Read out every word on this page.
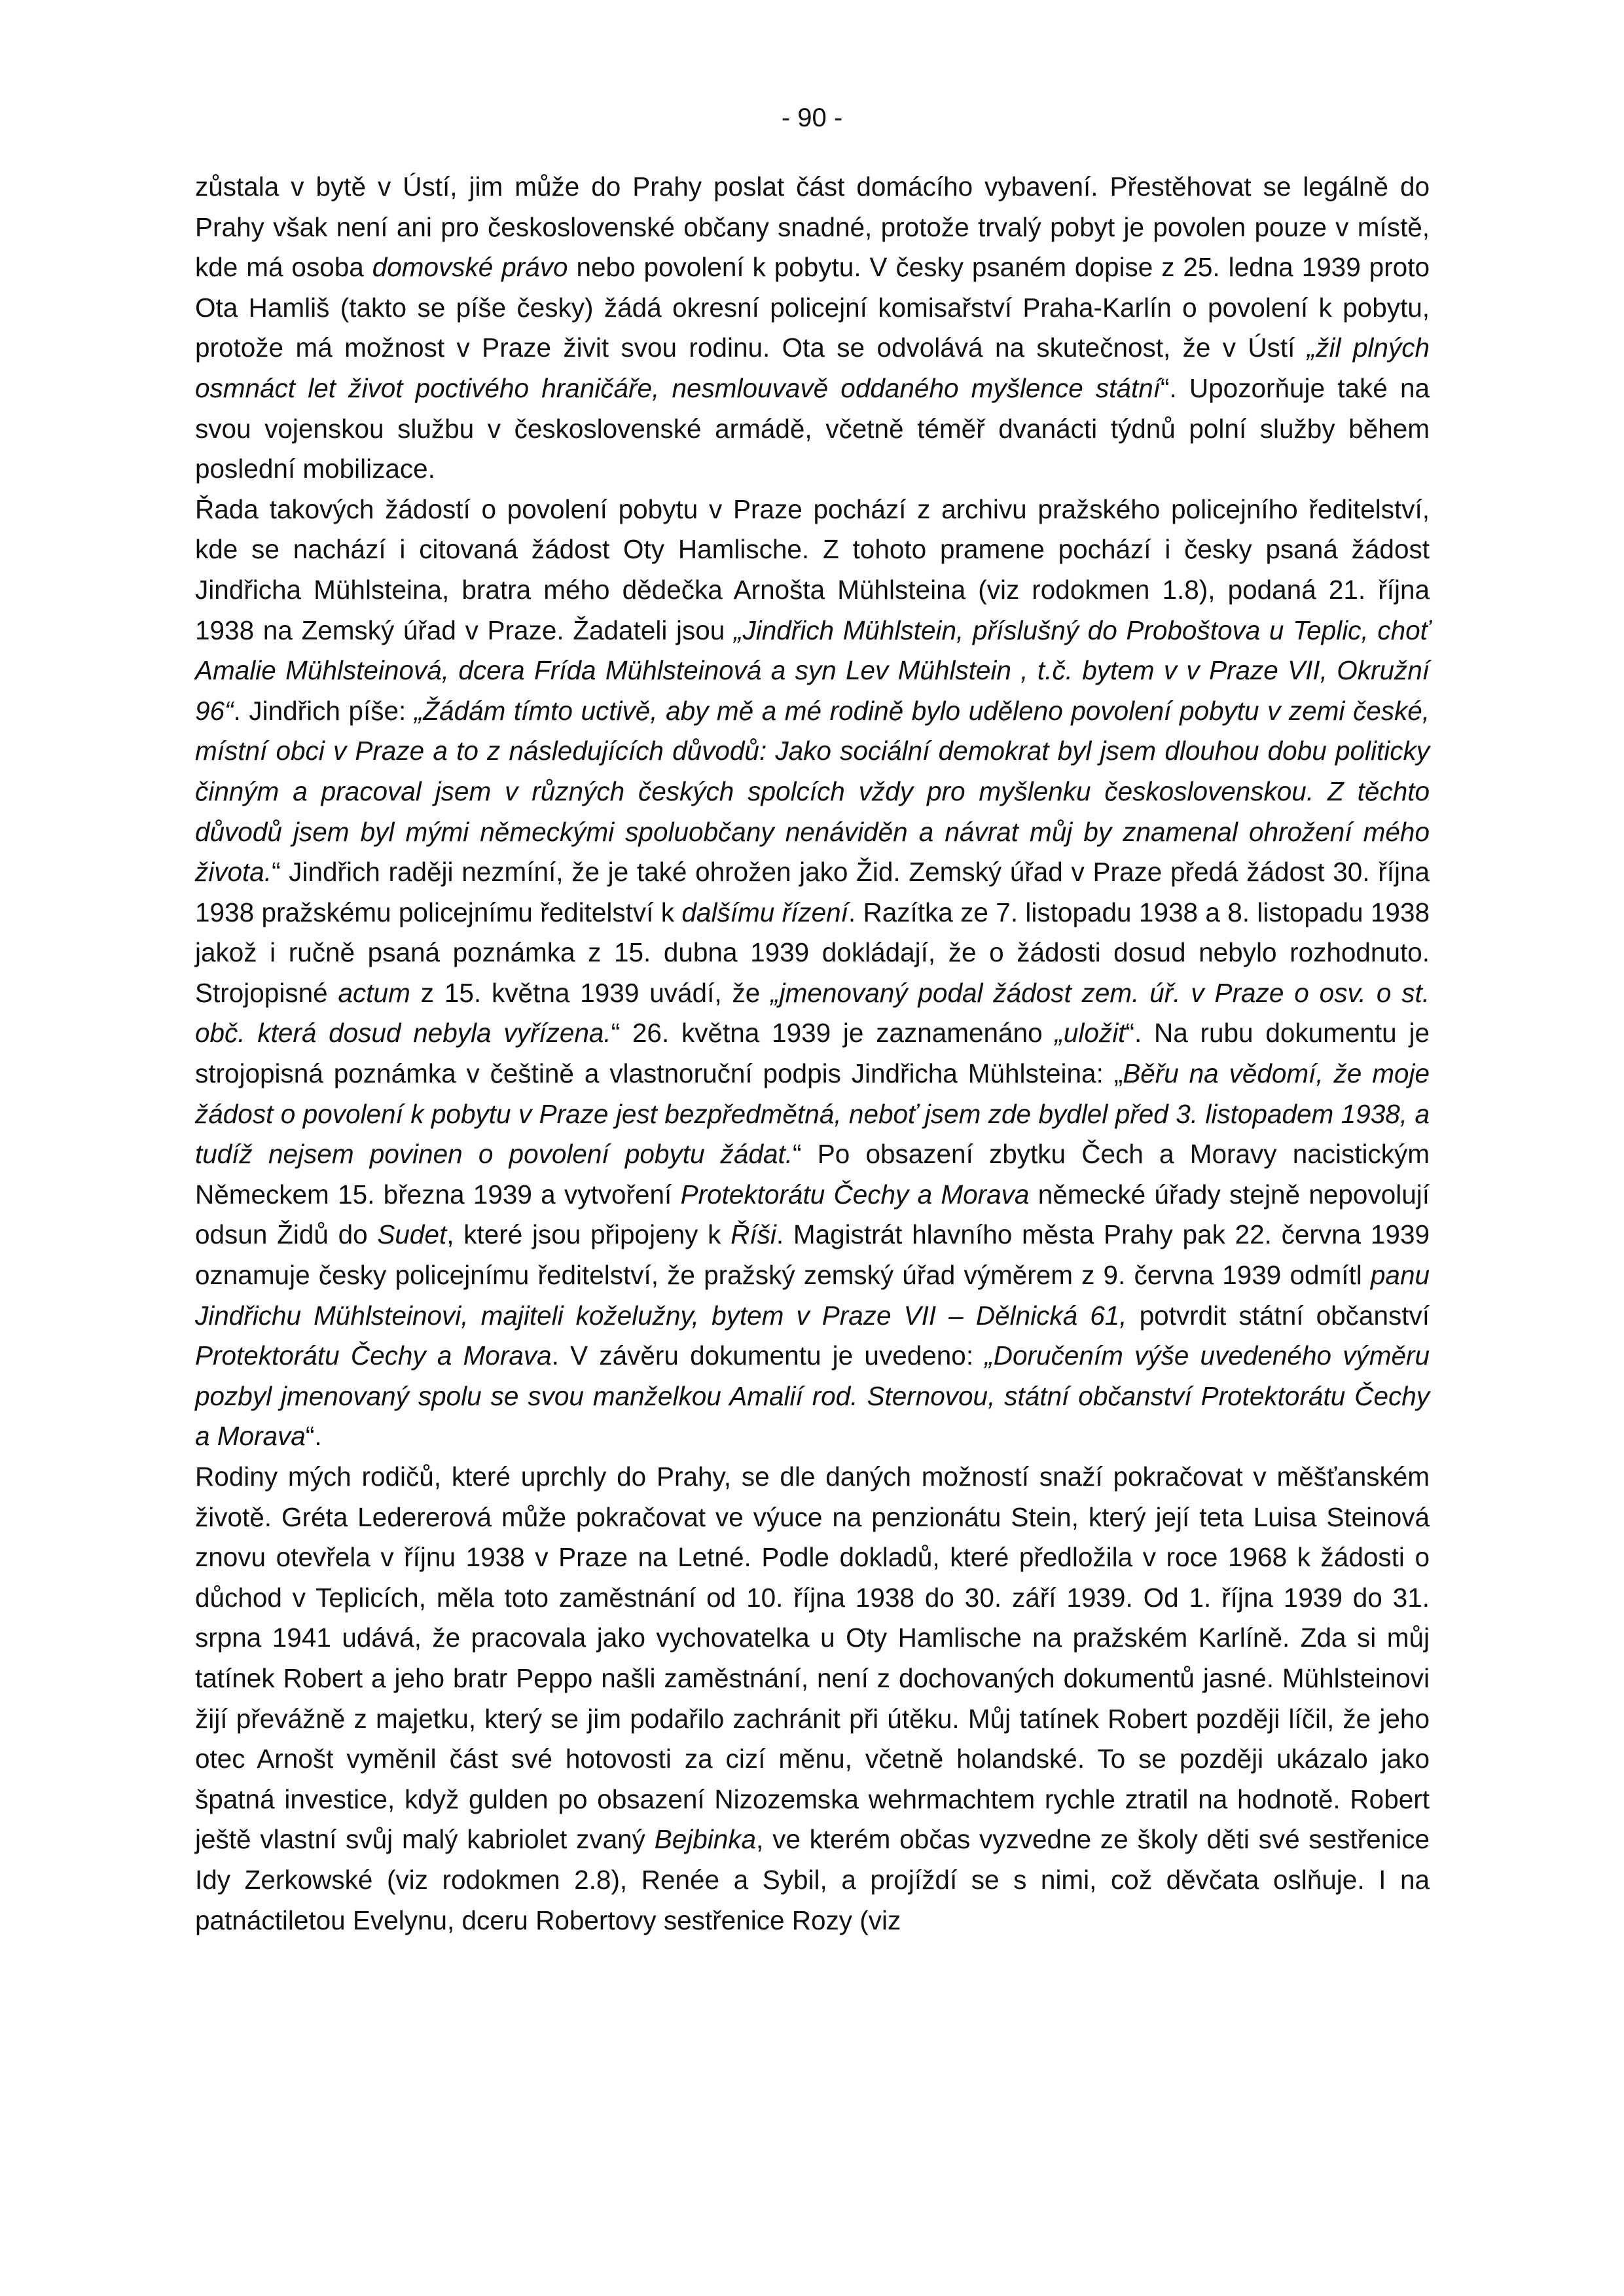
- 90 -

zůstala v bytě v Ústí, jim může do Prahy poslat část domácího vybavení. Přestěhovat se legálně do Prahy však není ani pro československé občany snadné, protože trvalý pobyt je povolen pouze v místě, kde má osoba domovské právo nebo povolení k pobytu. V česky psaném dopise z 25. ledna 1939 proto Ota Hamliš (takto se píše česky) žádá okresní policejní komisařství Praha-Karlín o povolení k pobytu, protože má možnost v Praze živit svou rodinu. Ota se odvolává na skutečnost, že v Ústí „žil plných osmnáct let život poctivého hraničáře, nesmlouvavě oddaného myšlence státní“. Upozorňuje také na svou vojenskou službu v československé armádě, včetně téměř dvanácti týdnů polní služby během poslední mobilizace.

Řada takových žádostí o povolení pobytu v Praze pochází z archivu pražského policejního ředitelství, kde se nachází i citovaná žádost Oty Hamlische. Z tohoto pramene pochází i česky psaná žádost Jindřicha Mühlsteina, bratra mého dědečka Arnošta Mühlsteina (viz rodokmen 1.8), podaná 21. října 1938 na Zemský úřad v Praze. Žadateli jsou „Jindřich Mühlstein, příslušný do Proboštova u Teplic, choť Amalie Mühlsteinová, dcera Frída Mühlsteinová a syn Lev Mühlstein , t.č. bytem v v Praze VII, Okružní 96“. Jindřich píše: „Žádám tímto uctivě, aby mě a mé rodině bylo uděleno povolení pobytu v zemi české, místní obci v Praze a to z následujících důvodů: Jako sociální demokrat byl jsem dlouhou dobu politicky činným a pracoval jsem v různých českých spolcích vždy pro myšlenku československou. Z těchto důvodů jsem byl mými německými spoluobčany nenáviděn a návrat můj by znamenal ohrožení mého života.“ Jindřich raději nezmíní, že je také ohrožen jako Žid. Zemský úřad v Praze předá žádost 30. října 1938 pražskému policejnímu ředitelství k dalšímu řízení. Razítka ze 7. listopadu 1938 a 8. listopadu 1938 jakož i ručně psaná poznámka z 15. dubna 1939 dokládají, že o žádosti dosud nebylo rozhodnuto. Strojopisné actum z 15. května 1939 uvádí, že „jmenovaný podal žádost zem. úř. v Praze o osv. o st. obč. která dosud nebyla vyřízena.“ 26. května 1939 je zaznamenáno „uložit“. Na rubu dokumentu je strojopisná poznámka v češtině a vlastnoruční podpis Jindřicha Mühlsteina: „Běřu na vědomí, že moje žádost o povolení k pobytu v Praze jest bezpředmětná, neboť jsem zde bydlel před 3. listopadem 1938, a tudíž nejsem povinen o povolení pobytu žádat.“ Po obsazení zbytku Čech a Moravy nacistickým Německem 15. března 1939 a vytvoření Protektorátu Čechy a Morava německé úřady stejně nepovolují odsun Židů do Sudet, které jsou připojeny k Říši. Magistrát hlavního města Prahy pak 22. června 1939 oznamuje česky policejnímu ředitelství, že pražský zemský úřad výměrem z 9. června 1939 odmítl panu Jindřichu Mühlsteinovi, majiteli koželužny, bytem v Praze VII – Dělnická 61, potvrdit státní občanství Protektorátu Čechy a Morava. V závěru dokumentu je uvedeno: „Doručením výše uvedeného výměru pozbyl jmenovaný spolu se svou manželkou Amalií rod. Sternovou, státní občanství Protektorátu Čechy a Morava“.

Rodiny mých rodičů, které uprchly do Prahy, se dle daných možností snaží pokračovat v měšťanském životě. Gréta Ledererová může pokračovat ve výuce na penzionátu Stein, který její teta Luisa Steinová znovu otevřela v říjnu 1938 v Praze na Letné. Podle dokladů, které předložila v roce 1968 k žádosti o důchod v Teplicích, měla toto zaměstnání od 10. října 1938 do 30. září 1939. Od 1. října 1939 do 31. srpna 1941 udává, že pracovala jako vychovatelka u Oty Hamlische na pražském Karlíně. Zda si můj tatínek Robert a jeho bratr Peppo našli zaměstnání, není z dochovaných dokumentů jasné. Mühlsteinovi žijí převážně z majetku, který se jim podařilo zachránit při útěku. Můj tatínek Robert později líčil, že jeho otec Arnošt vyměnil část své hotovosti za cizí měnu, včetně holandské. To se později ukázalo jako špatná investice, když gulden po obsazení Nizozemska wehrmachtem rychle ztratil na hodnotě. Robert ještě vlastní svůj malý kabriolet zvaný Bejbinka, ve kterém občas vyzvedne ze školy děti své sestřenice Idy Zerkowské (viz rodokmen 2.8), Renée a Sybil, a projíždí se s nimi, což děvčata oslňuje. I na patnáctiletou Evelynu, dceru Robertovy sestřenice Rozy (viz
